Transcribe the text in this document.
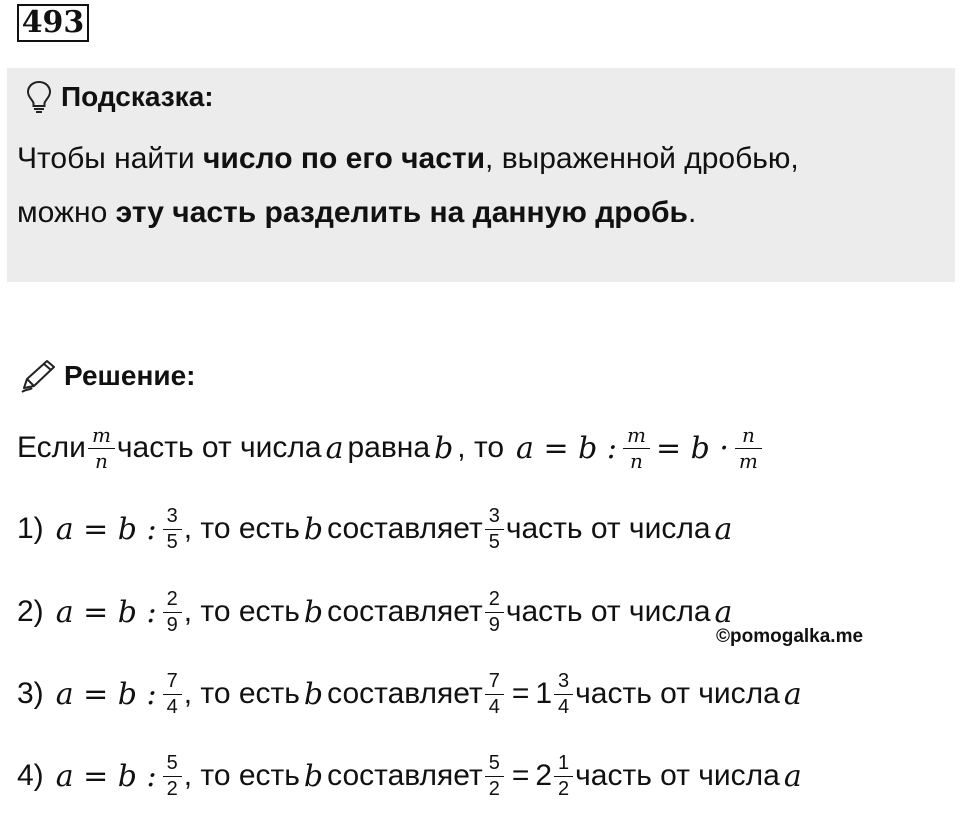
493
Подсказка:
Чтобы найти число по его части, выраженной дробью,
можно эту часть разделить на данную дробь.
Решение:
Если $\frac{m}{n}$ часть от числа a равна b , то a = b : $\frac{m}{n} = b \cdot \frac{n}{m}$
1) a = b : $\frac{3}{5}$ , то есть b составляет $\frac{3}{5}$ часть от числа a
2) a = b : $\frac{2}{9}$ , то есть b составляет $\frac{2}{9}$ часть от числа a
3) a = b : $\frac{7}{4}$ , то есть b составляет $\frac{7}{4} = 1 \frac{3}{4}$ часть от числа a
4) a = b : $\frac{5}{2}$ , то есть b составляет $\frac{5}{2} = 2 \frac{1}{2}$ часть от числа a
©pomogalka.me
